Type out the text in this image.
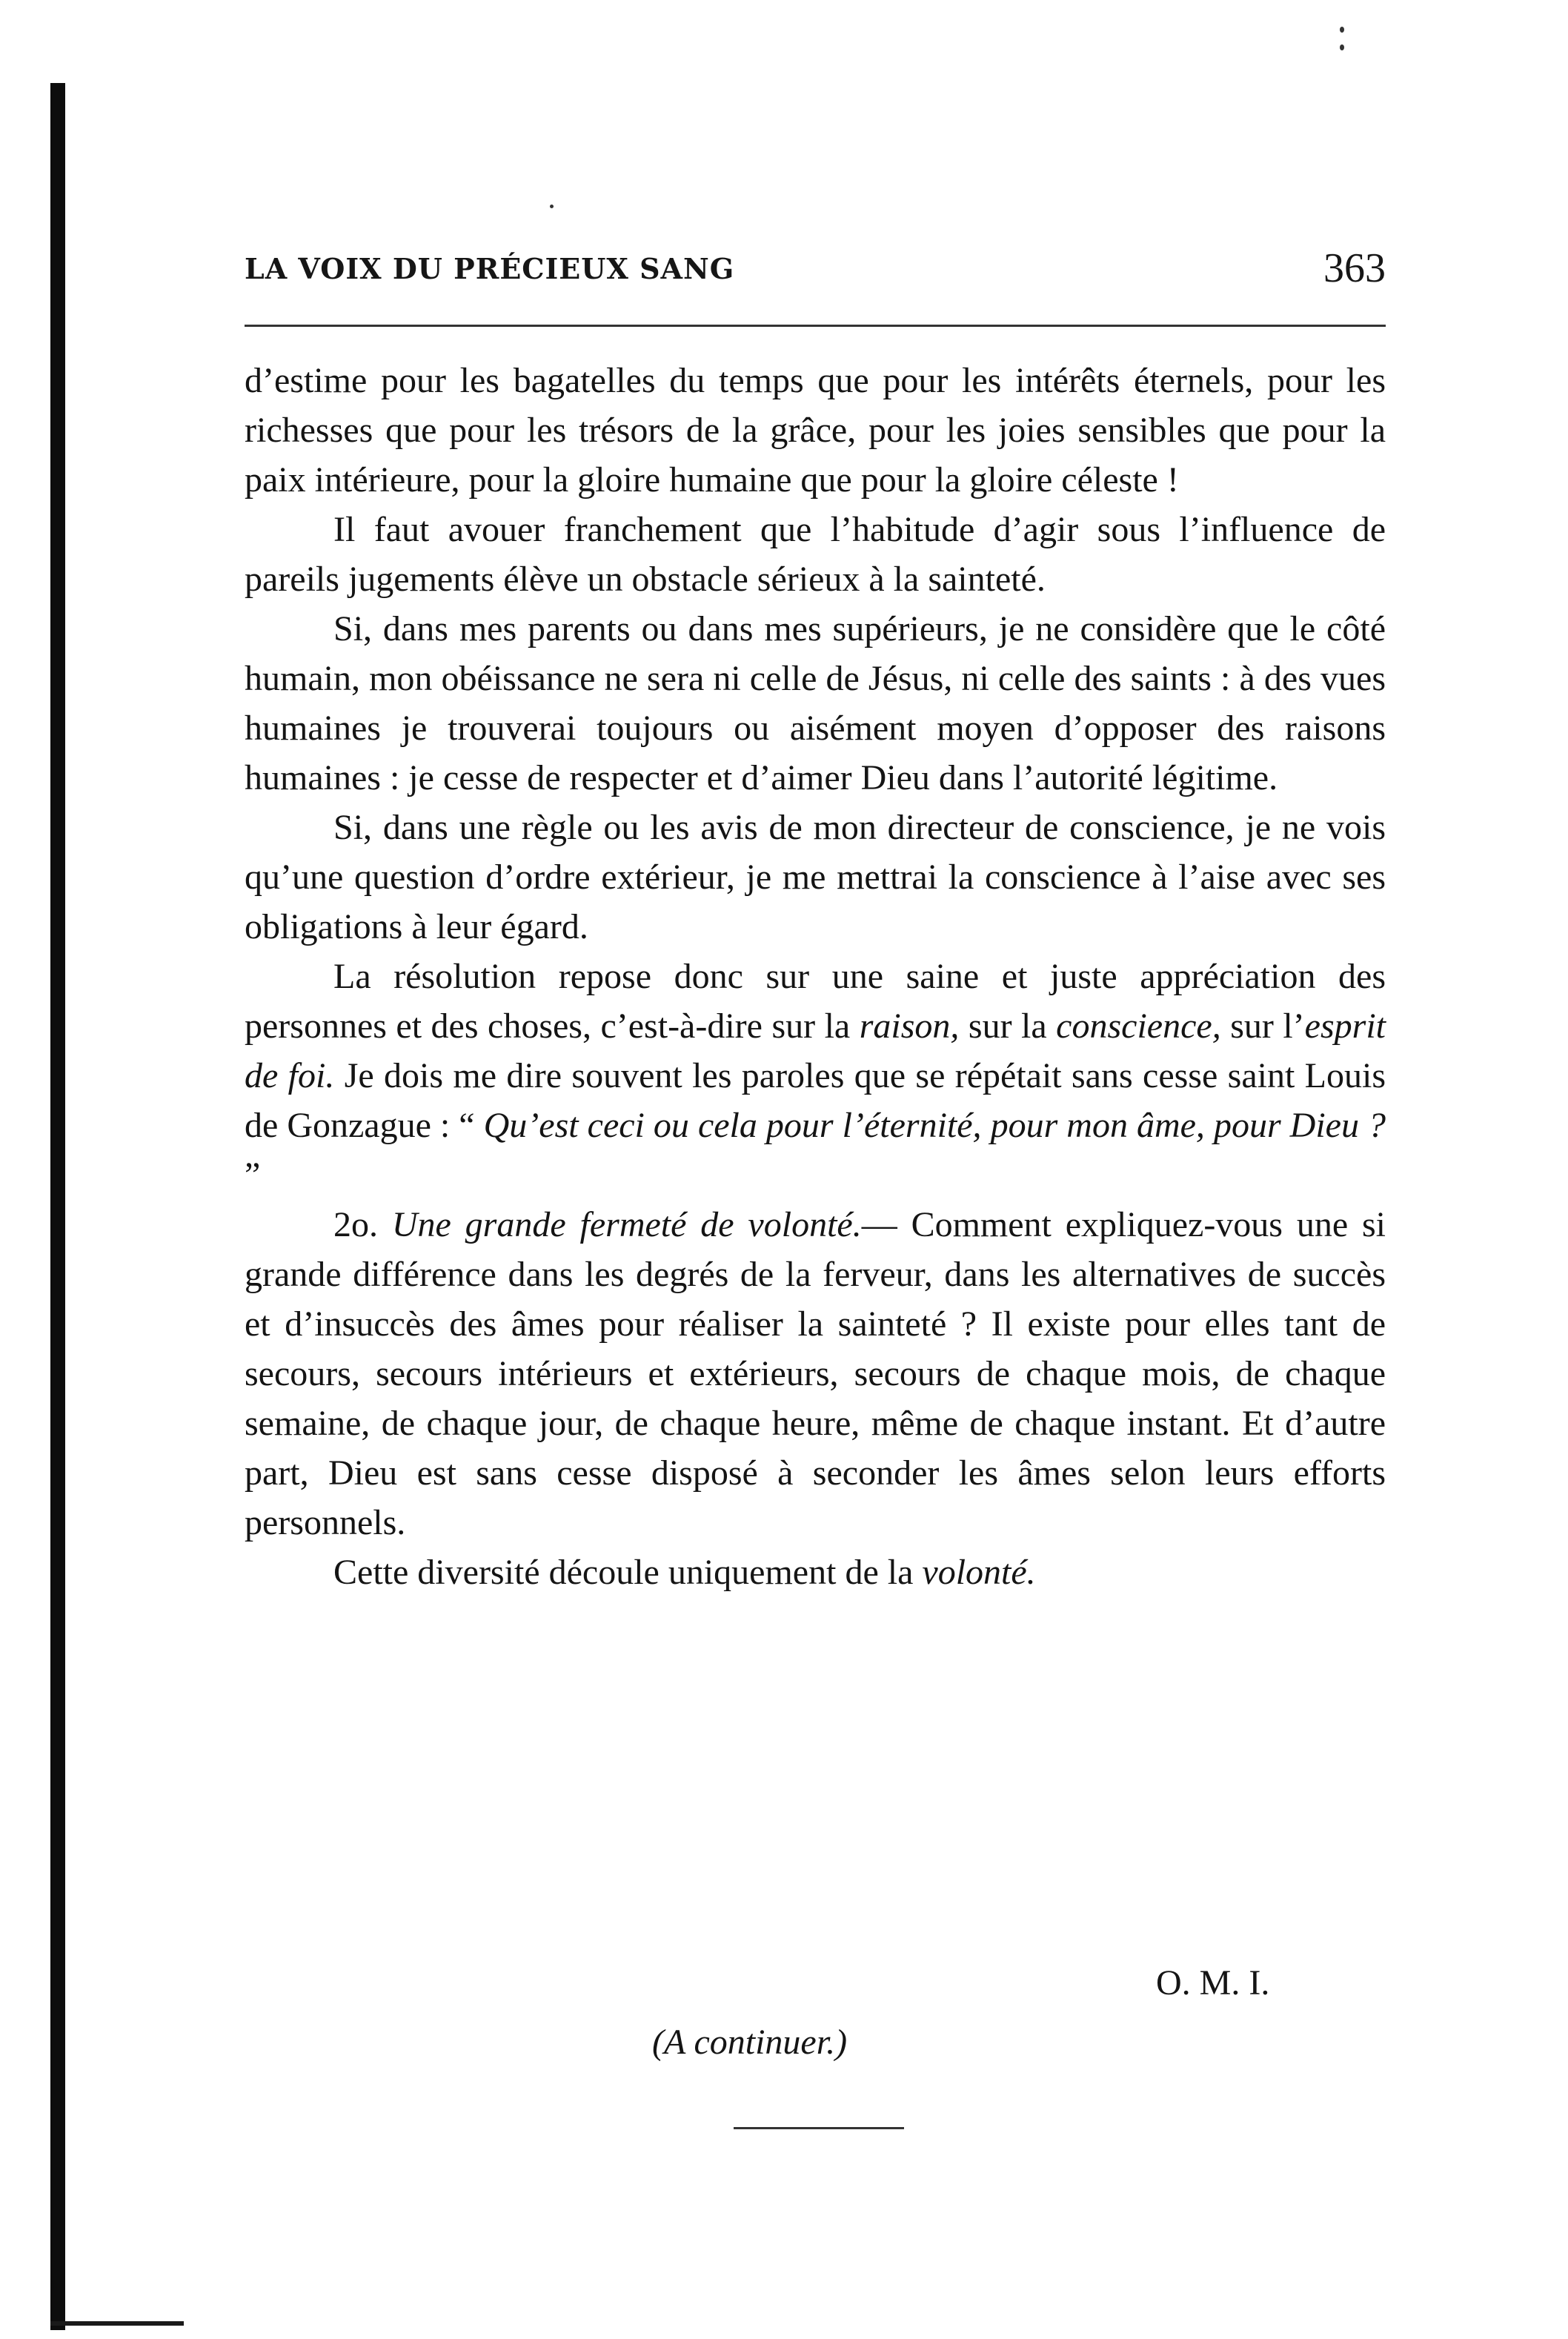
LA VOIX DU PRÉCIEUX SANG	363

d’estime pour les bagatelles du temps que pour les intérêts éternels, pour les richesses que pour les trésors de la grâce, pour les joies sensibles que pour la paix intérieure, pour la gloire humaine que pour la gloire céleste !

Il faut avouer franchement que l’habitude d’agir sous l’influence de pareils jugements élève un obstacle sérieux à la sainteté.

Si, dans mes parents ou dans mes supérieurs, je ne considère que le côté humain, mon obéissance ne sera ni celle de Jésus, ni celle des saints : à des vues humaines je trouverai toujours ou aisément moyen d’opposer des raisons humaines : je cesse de respecter et d’aimer Dieu dans l’autorité légitime.

Si, dans une règle ou les avis de mon directeur de conscience, je ne vois qu’une question d’ordre extérieur, je me mettrai la conscience à l’aise avec ses obligations à leur égard.

La résolution repose donc sur une saine et juste appréciation des personnes et des choses, c’est-à-dire sur la raison, sur la conscience, sur l’esprit de foi. Je dois me dire souvent les paroles que se répétait sans cesse saint Louis de Gonzague : “ Qu’est ceci ou cela pour l’éternité, pour mon âme, pour Dieu ? ”

2o. Une grande fermeté de volonté.— Comment expliquez-vous une si grande différence dans les degrés de la ferveur, dans les alternatives de succès et d’insuccès des âmes pour réaliser la sainteté ? Il existe pour elles tant de secours, secours intérieurs et extérieurs, secours de chaque mois, de chaque semaine, de chaque jour, de chaque heure, même de chaque instant. Et d’autre part, Dieu est sans cesse disposé à seconder les âmes selon leurs efforts personnels.

Cette diversité découle uniquement de la volonté.

O. M. I.
(A continuer.)
